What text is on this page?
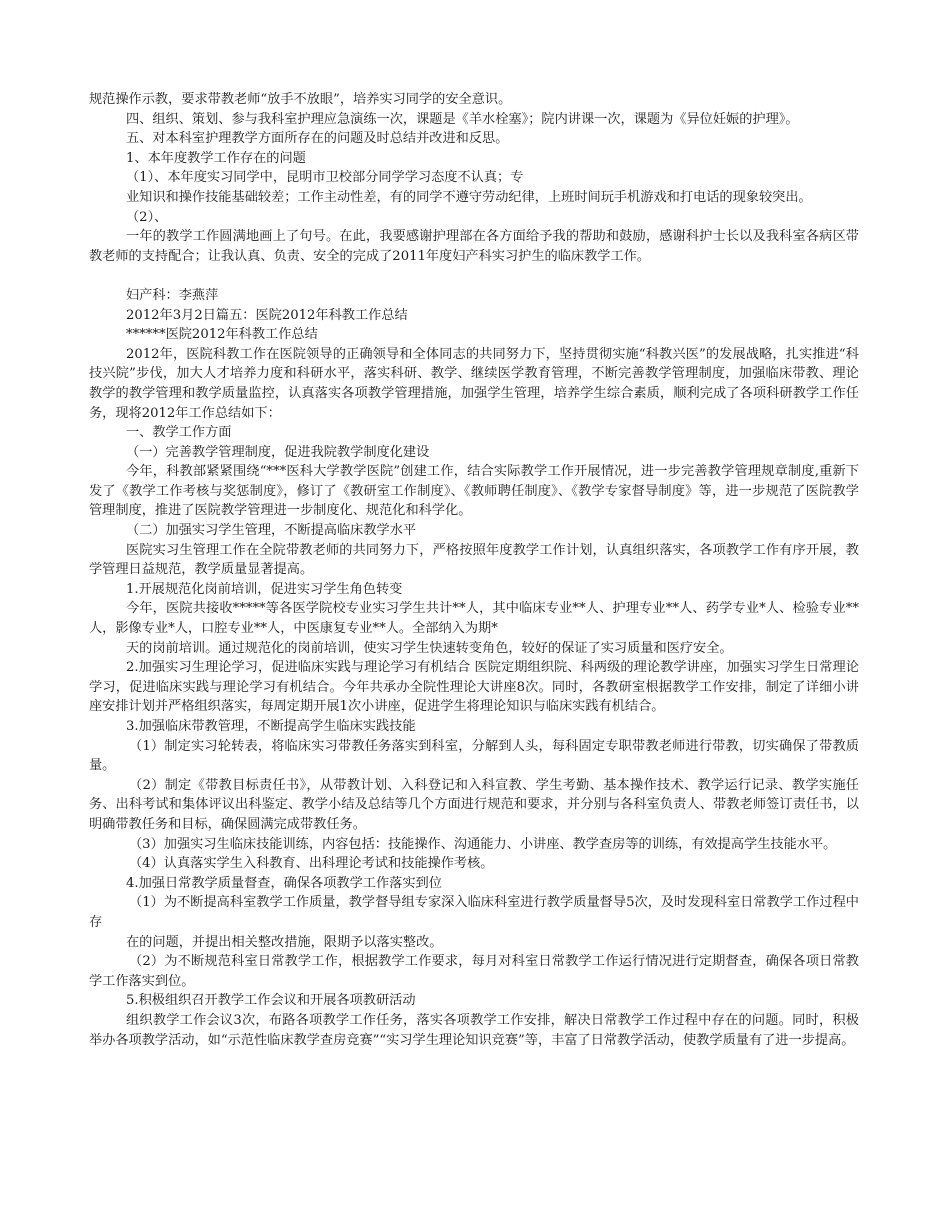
规范操作示教，要求带教老师“放手不放眼”，培养实习同学的安全意识。

四、组织、策划、参与我科室护理应急演练一次，课题是《羊水栓塞》；院内讲课一次，课题为《异位妊娠的护理》。

五、对本科室护理教学方面所存在的问题及时总结并改进和反思。

1、本年度教学工作存在的问题

（1）、本年度实习同学中，昆明市卫校部分同学学习态度不认真；专

业知识和操作技能基础较差；工作主动性差，有的同学不遵守劳动纪律，上班时间玩手机游戏和打电话的现象较突出。

（2）、

一年的教学工作圆满地画上了句号。在此，我要感谢护理部在各方面给予我的帮助和鼓励，感谢科护士长以及我科室各病区带教老师的支持配合；让我认真、负责、安全的完成了2011年度妇产科实习护生的临床教学工作。

妇产科：李燕萍

2012年3月2日篇五：医院2012年科教工作总结

******医院2012年科教工作总结

2012年，医院科教工作在医院领导的正确领导和全体同志的共同努力下，坚持贯彻实施“科教兴医”的发展战略，扎实推进“科技兴院”步伐，加大人才培养力度和科研水平，落实科研、教学、继续医学教育管理，不断完善教学管理制度，加强临床带教、理论教学的教学管理和教学质量监控，认真落实各项教学管理措施，加强学生管理，培养学生综合素质，顺利完成了各项科研教学工作任务，现将2012年工作总结如下：

一、教学工作方面

（一）完善教学管理制度，促进我院教学制度化建设

今年，科教部紧紧围绕“***医科大学教学医院”创建工作，结合实际教学工作开展情况，进一步完善教学管理规章制度,重新下发了《教学工作考核与奖惩制度》，修订了《教研室工作制度》、《教师聘任制度》、《教学专家督导制度》等，进一步规范了医院教学管理制度，推进了医院教学管理进一步制度化、规范化和科学化。

（二）加强实习学生管理，不断提高临床教学水平

医院实习生管理工作在全院带教老师的共同努力下，严格按照年度教学工作计划，认真组织落实，各项教学工作有序开展，教学管理日益规范，教学质量显著提高。

1.开展规范化岗前培训，促进实习学生角色转变

今年，医院共接收*****等各医学院校专业实习学生共计**人，其中临床专业**人、护理专业**人、药学专业*人、检验专业**人，影像专业*人，口腔专业**人，中医康复专业**人。全部纳入为期*

天的岗前培训。通过规范化的岗前培训，使实习学生快速转变角色，较好的保证了实习质量和医疗安全。

2.加强实习生理论学习，促进临床实践与理论学习有机结合 医院定期组织院、科两级的理论教学讲座，加强实习学生日常理论学习，促进临床实践与理论学习有机结合。今年共承办全院性理论大讲座8次。同时，各教研室根据教学工作安排，制定了详细小讲座安排计划并严格组织落实，每周定期开展1次小讲座，促进学生将理论知识与临床实践有机结合。

3.加强临床带教管理，不断提高学生临床实践技能

（1）制定实习轮转表，将临床实习带教任务落实到科室，分解到人头，每科固定专职带教老师进行带教，切实确保了带教质量。

（2）制定《带教目标责任书》，从带教计划、入科登记和入科宣教、学生考勤、基本操作技术、教学运行记录、教学实施任务、出科考试和集体评议出科鉴定、教学小结及总结等几个方面进行规范和要求，并分别与各科室负责人、带教老师签订责任书，以明确带教任务和目标，确保圆满完成带教任务。

（3）加强实习生临床技能训练，内容包括：技能操作、沟通能力、小讲座、教学查房等的训练，有效提高学生技能水平。

（4）认真落实学生入科教育、出科理论考试和技能操作考核。

4.加强日常教学质量督查，确保各项教学工作落实到位

（1）为不断提高科室教学工作质量，教学督导组专家深入临床科室进行教学质量督导5次，及时发现科室日常教学工作过程中存

在的问题，并提出相关整改措施，限期予以落实整改。

（2）为不断规范科室日常教学工作，根据教学工作要求，每月对科室日常教学工作运行情况进行定期督查，确保各项日常教学工作落实到位。

5.积极组织召开教学工作会议和开展各项教研活动

组织教学工作会议3次，布路各项教学工作任务，落实各项教学工作安排，解决日常教学工作过程中存在的问题。同时，积极举办各项教学活动，如“示范性临床教学查房竞赛”“实习学生理论知识竞赛”等，丰富了日常教学活动，使教学质量有了进一步提高。
